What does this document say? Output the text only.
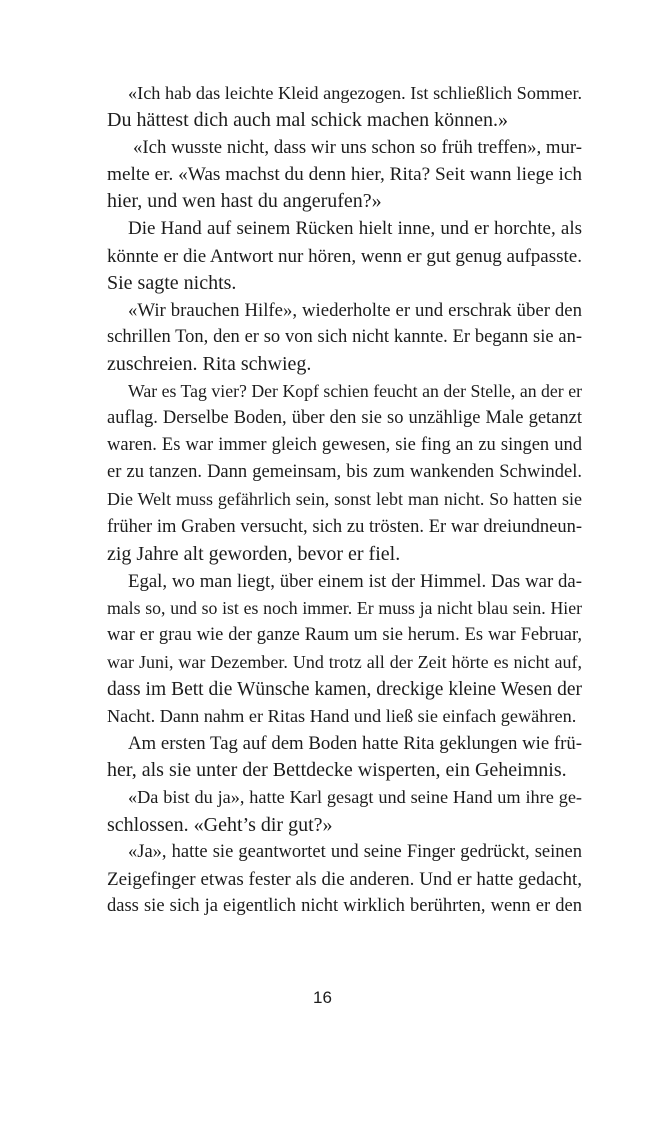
«Ich hab das leichte Kleid angezogen. Ist schließlich Sommer.
Du hättest dich auch mal schick machen können.»
«Ich wusste nicht, dass wir uns schon so früh treffen», mur-
melte er. «Was machst du denn hier, Rita? Seit wann liege ich
hier, und wen hast du angerufen?»
Die Hand auf seinem Rücken hielt inne, und er horchte, als
könnte er die Antwort nur hören, wenn er gut genug aufpasste.
Sie sagte nichts.
«Wir brauchen Hilfe», wiederholte er und erschrak über den
schrillen Ton, den er so von sich nicht kannte. Er begann sie an-
zuschreien. Rita schwieg.
War es Tag vier? Der Kopf schien feucht an der Stelle, an der er
auflag. Derselbe Boden, über den sie so unzählige Male getanzt
waren. Es war immer gleich gewesen, sie fing an zu singen und
er zu tanzen. Dann gemeinsam, bis zum wankenden Schwindel.
Die Welt muss gefährlich sein, sonst lebt man nicht. So hatten sie
früher im Graben versucht, sich zu trösten. Er war dreiundneun-
zig Jahre alt geworden, bevor er fiel.
Egal, wo man liegt, über einem ist der Himmel. Das war da-
mals so, und so ist es noch immer. Er muss ja nicht blau sein. Hier
war er grau wie der ganze Raum um sie herum. Es war Februar,
war Juni, war Dezember. Und trotz all der Zeit hörte es nicht auf,
dass im Bett die Wünsche kamen, dreckige kleine Wesen der
Nacht. Dann nahm er Ritas Hand und ließ sie einfach gewähren.
Am ersten Tag auf dem Boden hatte Rita geklungen wie frü-
her, als sie unter der Bettdecke wisperten, ein Geheimnis.
«Da bist du ja», hatte Karl gesagt und seine Hand um ihre ge-
schlossen. «Geht’s dir gut?»
«Ja», hatte sie geantwortet und seine Finger gedrückt, seinen
Zeigefinger etwas fester als die anderen. Und er hatte gedacht,
dass sie sich ja eigentlich nicht wirklich berührten, wenn er den
16
